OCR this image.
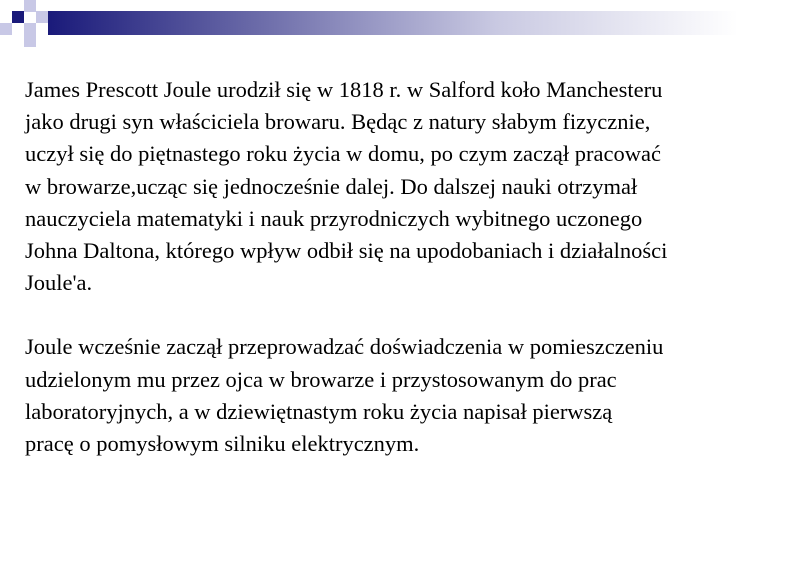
James Prescott Joule urodził się w 1818 r. w Salford koło Manchesteru
jako drugi syn właściciela browaru. Będąc z natury słabym fizycznie,
uczył się do piętnastego roku życia w domu, po czym zaczął pracować
w browarze,ucząc się jednocześnie dalej. Do dalszej nauki otrzymał
nauczyciela matematyki i nauk przyrodniczych wybitnego uczonego
Johna Daltona, którego wpływ odbił się na upodobaniach i działalności
Joule'a.

Joule wcześnie zaczął przeprowadzać doświadczenia w pomieszczeniu
udzielonym mu przez ojca w browarze i przystosowanym do prac
laboratoryjnych, a w dziewiętnastym roku życia napisał pierwszą
pracę o pomysłowym silniku elektrycznym.
